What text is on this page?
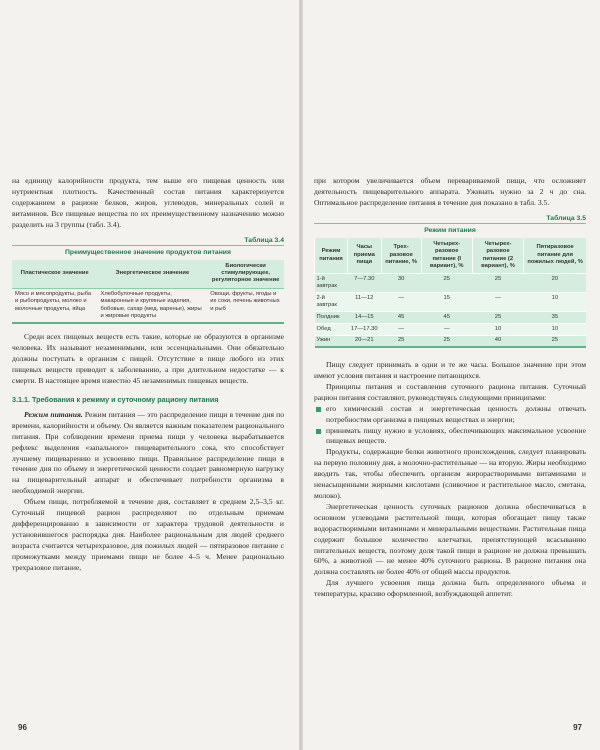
на единицу калорийности продукта, тем выше его пищевая ценность или нутриентная плотность. Качественный состав питания характеризуется содержанием в рационе белков, жиров, углеводов, минеральных солей и витаминов. Все пищевые вещества по их преимущественному назначению можно разделить на 3 группы (табл. 3.4).

Таблица 3.4
Преимущественное значение продуктов питания
Пластическое значение	Энергетическое значение	Биологически стимулирующее, регуляторное значение
Мясо и мясопродукты, рыба и рыбопродукты, молоко и молочные продукты, яйца	Хлебобулочные продукты, макаронные и крупяные изделия, бобовые, сахар (мед, варенье), жиры и жировые продукты	Овощи, фрукты, ягоды и их соки, печень животных и рыб

Среди всех пищевых веществ есть такие, которые не образуются в организме человека. Их называют незаменимыми, или эссенциальными. Они обязательно должны поступать в организм с пищей. Отсутствие в пище любого из этих пищевых веществ приводит к заболеванию, а при длительном недостатке — к смерти. В настоящее время известно 45 незаменимых пищевых веществ.

3.1.1. Требования к режиму и суточному рациону питания

Режим питания. Режим питания — это распределение пищи в течение дня по времени, калорийности и объему. Он является важным показателем рационального питания. При соблюдении времени приема пищи у человека вырабатывается рефлекс выделения «запального» пищеварительного сока, что способствует лучшему пищеварению и усвоению пищи. Правильное распределение пищи в течение дня по объему и энергетической ценности создает равномерную нагрузку на пищеварительный аппарат и обеспечивает потребности организма в необходимой энергии.

Объем пищи, потребляемой в течение дня, составляет в среднем 2,5–3,5 кг. Суточный пищевой рацион распределяют по отдельным приемам дифференцированно в зависимости от характера трудовой деятельности и установившегося распорядка дня. Наиболее рациональным для людей среднего возраста считается четырехразовое, для пожилых людей — пятиразовое питание с промежутками между приемами пищи не более 4–5 ч. Менее рационально трехразовое питание,

96

при котором увеличивается объем перевариваемой пищи, что осложняет деятельность пищеварительного аппарата. Ужинать нужно за 2 ч до сна. Оптимальное распределение питания в течение дня показано в табл. 3.5.

Таблица 3.5
Режим питания
Режим питания	Часы приема пищи	Трех-разовое питание, %	Четырех-разовое питание (I вариант), %	Четырех-разовое питание (2 вариант), %	Пятиразовое питание для пожилых людей, %
1-й завтрак	7—7.30	30	25	25	20
2-й завтрак	11—12	—	15	—	10
Полдник	14—15	45	45	25	35
Обед	17—17.30	—	—	10	10
Ужин	20—21	25	25	40	25

Пищу следует принимать в одни и те же часы. Большое значение при этом имеют условия питания и настроение питающихся.

Принципы питания и составления суточного рациона питания. Суточный рацион питания составляют, руководствуясь следующими принципами:

его химический состав и энергетическая ценность должны отвечать потребностям организма в пищевых веществах и энергии;
принимать пищу нужно в условиях, обеспечивающих максимальное усвоение пищевых веществ.

Продукты, содержащие белки животного происхождения, следует планировать на первую половину дня, а молочно-растительные — на вторую. Жиры необходимо вводить так, чтобы обеспечить организм жирорастворимыми витаминами и ненасыщенными жирными кислотами (сливочное и растительное масло, сметана, молоко).

Энергетическая ценность суточных рационов должна обеспечиваться в основном углеводами растительной пищи, которая обогащает пищу также водорастворимыми витаминами и минеральными веществами. Растительная пища содержит большое количество клетчатки, препятствующей всасыванию питательных веществ, поэтому доля такой пищи в рационе не должна превышать 60%, а животной — не менее 40% суточного рациона. В рационе питания она должна составлять не более 40% от общей массы продуктов.

Для лучшего усвоения пища должна быть определенного объема и температуры, красиво оформленной, возбуждающей аппетит.

97
